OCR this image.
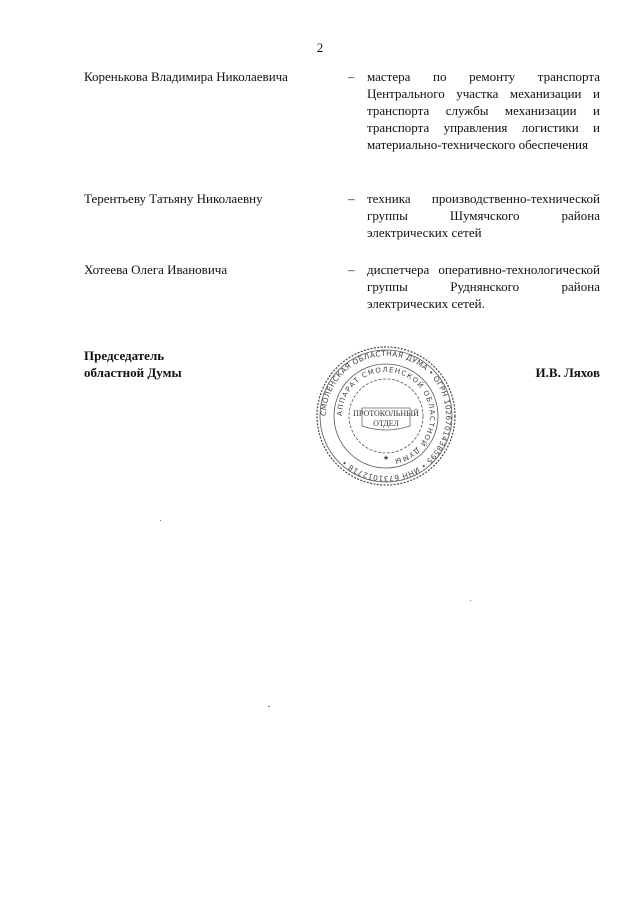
2
Кореньковa Владимира Николаевича	– мастера по ремонту транспорта Центрального участка механизации и транспорта службы механизации и транспорта управления логистики и материально-технического обеспечения
Терентьеву Татьяну Николаевну	– техника производственно-технической группы Шумячского района электрических сетей
Хотеева Олега Ивановича	– диспетчера оперативно-технологической группы Руднянского района электрических сетей.
Председатель
областной Думы	И.В. Ляхов
СМОЛЕНСКАЯ ОБЛАСТНАЯ ДУМА • ОГРН 1026701438595 • ИНН 6731012718 •
АППАРАТ СМОЛЕНСКОЙ ОБЛАСТНОЙ ДУМЫ
ПРОТОКОЛЬНЫЙ
ОТДЕЛ
★
